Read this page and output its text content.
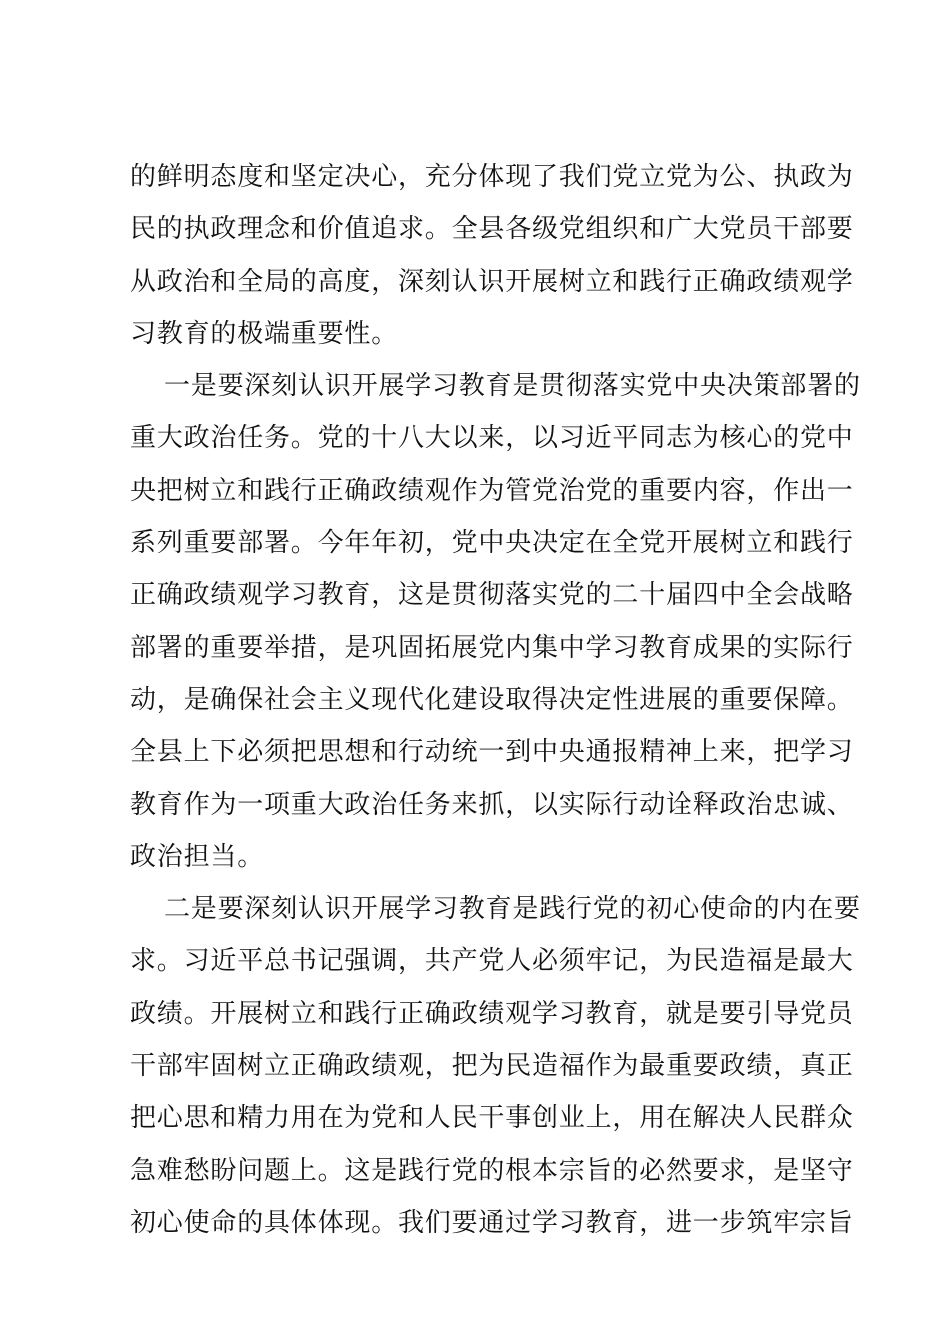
的鲜明态度和坚定决心，充分体现了我们党立党为公、执政为
民的执政理念和价值追求。全县各级党组织和广大党员干部要
从政治和全局的高度，深刻认识开展树立和践行正确政绩观学
习教育的极端重要性。
一是要深刻认识开展学习教育是贯彻落实党中央决策部署的
重大政治任务。党的十八大以来，以习近平同志为核心的党中
央把树立和践行正确政绩观作为管党治党的重要内容，作出一
系列重要部署。今年年初，党中央决定在全党开展树立和践行
正确政绩观学习教育，这是贯彻落实党的二十届四中全会战略
部署的重要举措，是巩固拓展党内集中学习教育成果的实际行
动，是确保社会主义现代化建设取得决定性进展的重要保障。
全县上下必须把思想和行动统一到中央通报精神上来，把学习
教育作为一项重大政治任务来抓，以实际行动诠释政治忠诚、
政治担当。
二是要深刻认识开展学习教育是践行党的初心使命的内在要
求。习近平总书记强调，共产党人必须牢记，为民造福是最大
政绩。开展树立和践行正确政绩观学习教育，就是要引导党员
干部牢固树立正确政绩观，把为民造福作为最重要政绩，真正
把心思和精力用在为党和人民干事创业上，用在解决人民群众
急难愁盼问题上。这是践行党的根本宗旨的必然要求，是坚守
初心使命的具体体现。我们要通过学习教育，进一步筑牢宗旨
